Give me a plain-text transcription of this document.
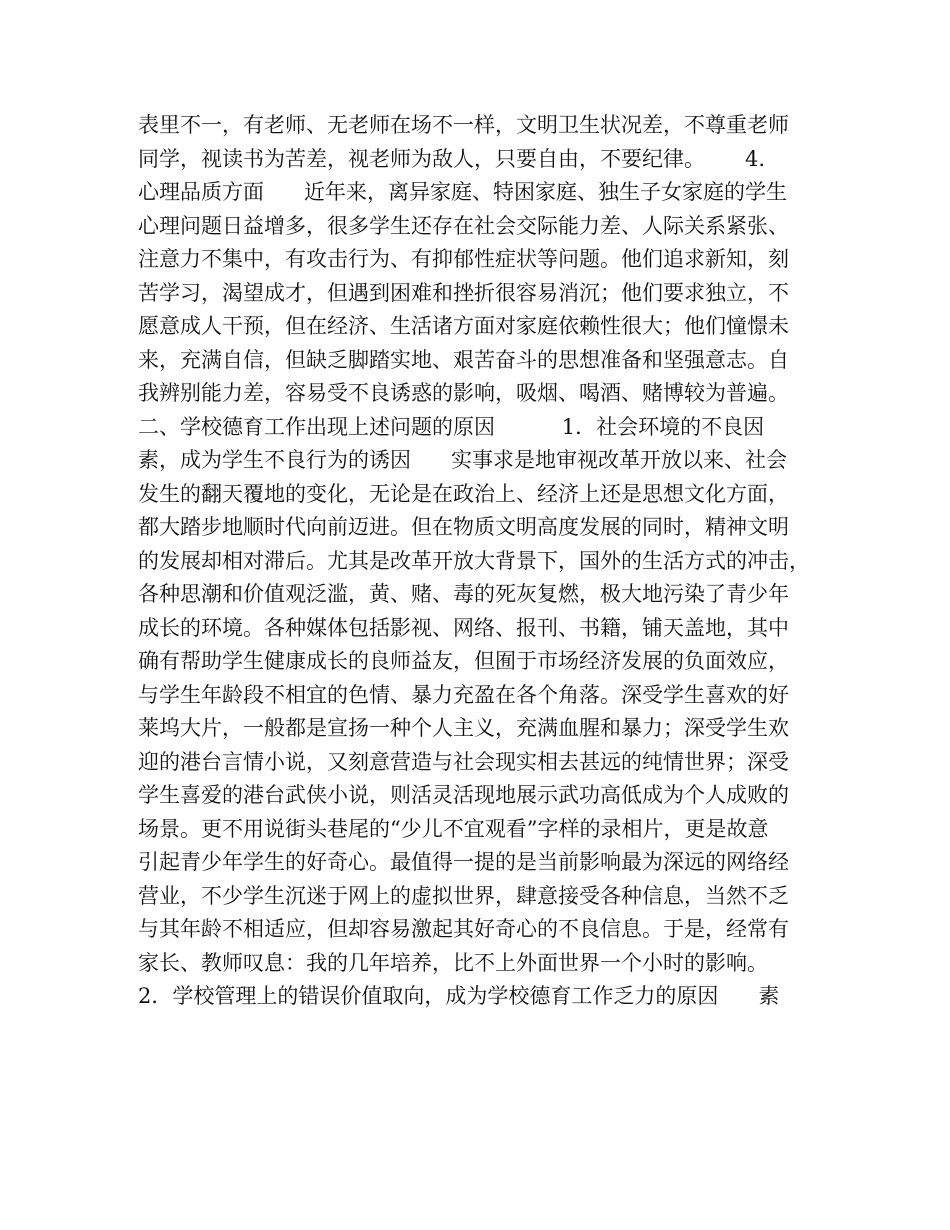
表里不一，有老师、无老师在场不一样，文明卫生状况差，不尊重老师
同学，视读书为苦差，视老师为敌人，只要自由，不要纪律。      4.
心理品质方面      近年来，离异家庭、特困家庭、独生子女家庭的学生
心理问题日益增多，很多学生还存在社会交际能力差、人际关系紧张、
注意力不集中，有攻击行为、有抑郁性症状等问题。他们追求新知，刻
苦学习，渴望成才，但遇到困难和挫折很容易消沉；他们要求独立，不
愿意成人干预，但在经济、生活诸方面对家庭依赖性很大；他们憧憬未
来，充满自信，但缺乏脚踏实地、艰苦奋斗的思想准备和坚强意志。自
我辨别能力差，容易受不良诱惑的影响，吸烟、喝酒、赌博较为普遍。
二、学校德育工作出现上述问题的原因          1．社会环境的不良因
素，成为学生不良行为的诱因      实事求是地审视改革开放以来、社会
发生的翻天覆地的变化，无论是在政治上、经济上还是思想文化方面，
都大踏步地顺时代向前迈进。但在物质文明高度发展的同时，精神文明
的发展却相对滞后。尤其是改革开放大背景下，国外的生活方式的冲击，
各种思潮和价值观泛滥，黄、赌、毒的死灰复燃，极大地污染了青少年
成长的环境。各种媒体包括影视、网络、报刊、书籍，铺天盖地，其中
确有帮助学生健康成长的良师益友，但囿于市场经济发展的负面效应，
与学生年龄段不相宜的色情、暴力充盈在各个角落。深受学生喜欢的好
莱坞大片，一般都是宣扬一种个人主义，充满血腥和暴力；深受学生欢
迎的港台言情小说，又刻意营造与社会现实相去甚远的纯情世界；深受
学生喜爱的港台武侠小说，则活灵活现地展示武功高低成为个人成败的
场景。更不用说街头巷尾的“少儿不宜观看”字样的录相片，更是故意
引起青少年学生的好奇心。最值得一提的是当前影响最为深远的网络经
营业，不少学生沉迷于网上的虚拟世界，肆意接受各种信息，当然不乏
与其年龄不相适应，但却容易激起其好奇心的不良信息。于是，经常有
家长、教师叹息：我的几年培养，比不上外面世界一个小时的影响。
2．学校管理上的错误价值取向，成为学校德育工作乏力的原因      素
